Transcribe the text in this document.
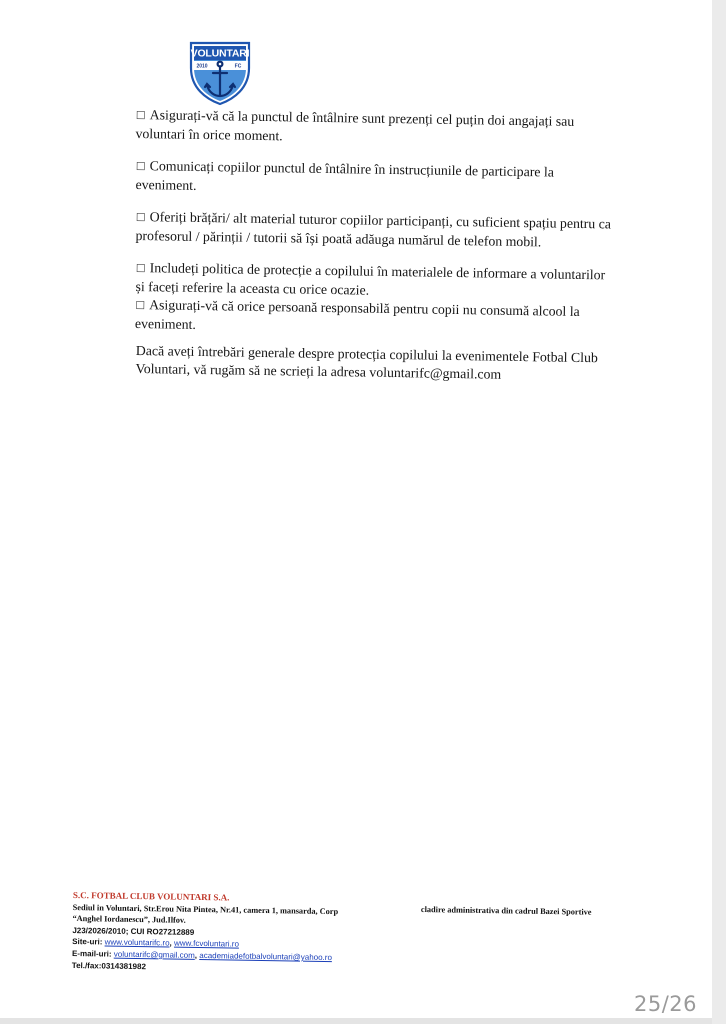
VOLUNTARI
2010	FC

☐ Asigurați-vă că la punctul de întâlnire sunt prezenți cel puțin doi angajați sau

voluntari în orice moment.

☐ Comunicați copiilor punctul de întâlnire în instrucțiunile de participare la

eveniment.

☐ Oferiți brățări/ alt material tuturor copiilor participanți, cu suficient spațiu pentru ca

profesorul / părinții / tutorii să își poată adăuga numărul de telefon mobil.

☐ Includeți politica de protecție a copilului în materialele de informare a voluntarilor

și faceți referire la aceasta cu orice ocazie.

☐ Asigurați-vă că orice persoană responsabilă pentru copii nu consumă alcool la

eveniment.

Dacă aveți întrebări generale despre protecția copilului la evenimentele Fotbal Club

Voluntari, vă rugăm să ne scrieți la adresa voluntarifc@gmail.com

S.C. FOTBAL CLUB VOLUNTARI S.A.
Sediul in Voluntari, Str.Erou Nita Pintea, Nr.41, camera 1, mansarda, Corp
“Anghel Iordanescu”, Jud.Ilfov.
J23/2026/2010; CUI RO27212889
Site-uri: www.voluntarifc.ro, www.fcvoluntari.ro
E-mail-uri: voluntarifc@gmail.com, academiadefotbalvoluntari@yahoo.ro
Tel./fax:0314381982
cladire administrativa din cadrul Bazei Sportive
25/26
